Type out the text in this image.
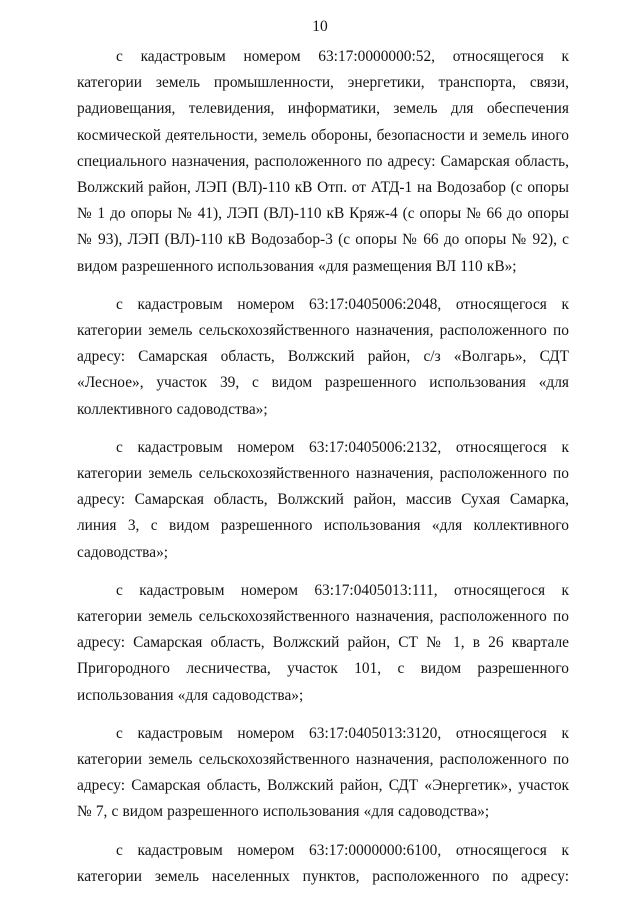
10

с кадастровым номером 63:17:0000000:52, относящегося к категории земель промышленности, энергетики, транспорта, связи, радиовещания, телевидения, информатики, земель для обеспечения космической деятельности, земель обороны, безопасности и земель иного специального назначения, расположенного по адресу: Самарская область, Волжский район, ЛЭП (ВЛ)-110 кВ Отп. от АТД-1 на Водозабор (с опоры № 1 до опоры № 41), ЛЭП (ВЛ)-110 кВ Кряж-4 (с опоры № 66 до опоры № 93), ЛЭП (ВЛ)-110 кВ Водозабор-3 (с опоры № 66 до опоры № 92), с видом разрешенного использования «для размещения ВЛ 110 кВ»;

с кадастровым номером 63:17:0405006:2048, относящегося к категории земель сельскохозяйственного назначения, расположенного по адресу: Самарская область, Волжский район, с/з «Волгарь», СДТ «Лесное», участок 39, с видом разрешенного использования «для коллективного садоводства»;

с кадастровым номером 63:17:0405006:2132, относящегося к категории земель сельскохозяйственного назначения, расположенного по адресу: Самарская область, Волжский район, массив Сухая Самарка, линия 3, с видом разрешенного использования «для коллективного садоводства»;

с кадастровым номером 63:17:0405013:111, относящегося к категории земель сельскохозяйственного назначения, расположенного по адресу: Самарская область, Волжский район, СТ № 1, в 26 квартале Пригородного лесничества, участок 101, с видом разрешенного использования «для садоводства»;

с кадастровым номером 63:17:0405013:3120, относящегося к категории земель сельскохозяйственного назначения, расположенного по адресу: Самарская область, Волжский район, СДТ «Энергетик», участок № 7, с видом разрешенного использования «для садоводства»;

с кадастровым номером 63:17:0000000:6100, относящегося к категории земель населенных пунктов, расположенного по адресу:
